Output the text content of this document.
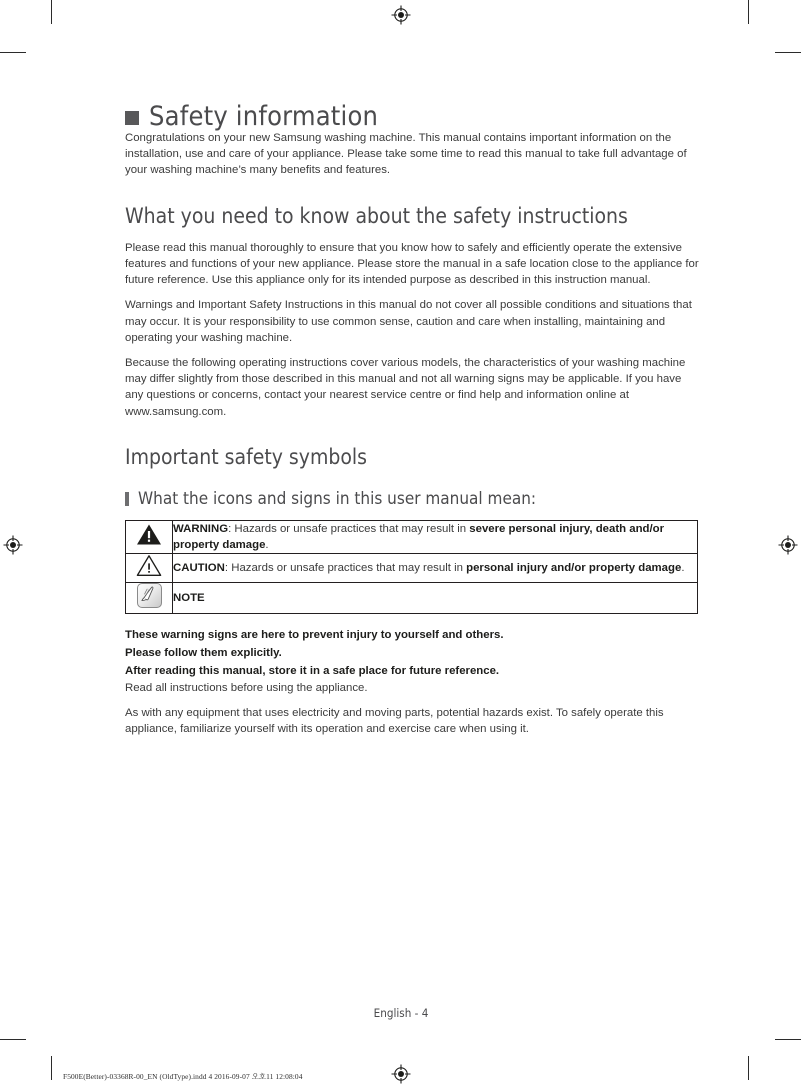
Safety information

Congratulations on your new Samsung washing machine. This manual contains important information on the installation, use and care of your appliance. Please take some time to read this manual to take full advantage of your washing machine’s many benefits and features.

What you need to know about the safety instructions

Please read this manual thoroughly to ensure that you know how to safely and efficiently operate the extensive features and functions of your new appliance. Please store the manual in a safe location close to the appliance for future reference. Use this appliance only for its intended purpose as described in this instruction manual.

Warnings and Important Safety Instructions in this manual do not cover all possible conditions and situations that may occur. It is your responsibility to use common sense, caution and care when installing, maintaining and operating your washing machine.

Because the following operating instructions cover various models, the characteristics of your washing machine may differ slightly from those described in this manual and not all warning signs may be applicable. If you have any questions or concerns, contact your nearest service centre or find help and information online at www.samsung.com.

Important safety symbols
What the icons and signs in this user manual mean:
	WARNING: Hazards or unsafe practices that may result in severe personal injury, death and/or property damage.
	CAUTION: Hazards or unsafe practices that may result in personal injury and/or property damage.

	NOTE
These warning signs are here to prevent injury to yourself and others.
Please follow them explicitly.
After reading this manual, store it in a safe place for future reference.

Read all instructions before using the appliance.

As with any equipment that uses electricity and moving parts, potential hazards exist. To safely operate this appliance, familiarize yourself with its operation and exercise care when using it.

English - 4
F500E(Better)-03368R-00_EN (OldType).indd 4 2016-09-07 오호11 12:08:04
